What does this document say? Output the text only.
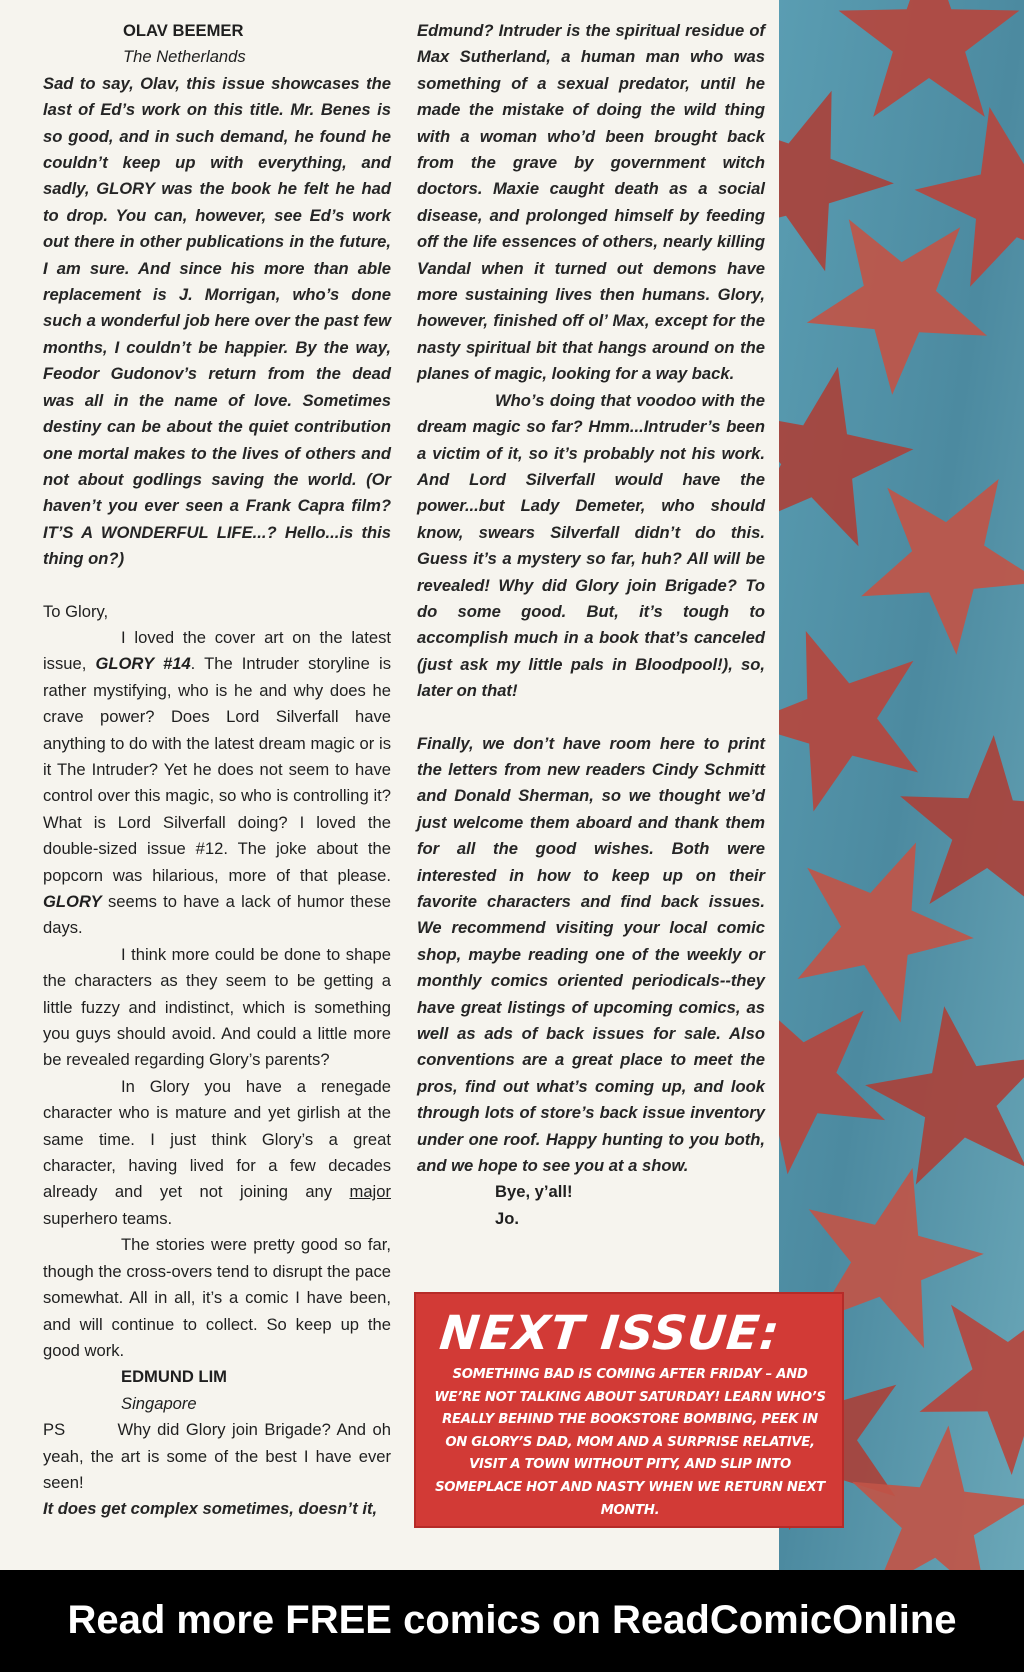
OLAV BEEMER

The Netherlands

Sad to say, Olav, this issue showcases the last of Ed’s work on this title. Mr. Benes is so good, and in such demand, he found he couldn’t keep up with everything, and sadly, GLORY was the book he felt he had to drop. You can, however, see Ed’s work out there in other publications in the future, I am sure. And since his more than able replacement is J. Morrigan, who’s done such a wonderful job here over the past few months, I couldn’t be happier. By the way, Feodor Gudonov’s return from the dead was all in the name of love. Sometimes destiny can be about the quiet contribution one mortal makes to the lives of others and not about godlings saving the world. (Or haven’t you ever seen a Frank Capra film? IT’S A WONDERFUL LIFE...? Hello...is this thing on?)

To Glory,

I loved the cover art on the latest issue, GLORY #14. The Intruder storyline is rather mystifying, who is he and why does he crave power? Does Lord Silverfall have anything to do with the latest dream magic or is it The Intruder? Yet he does not seem to have control over this magic, so who is controlling it? What is Lord Silverfall doing? I loved the double-sized issue #12. The joke about the popcorn was hilarious, more of that please. GLORY seems to have a lack of humor these days.

I think more could be done to shape the characters as they seem to be getting a little fuzzy and indistinct, which is something you guys should avoid. And could a little more be revealed regarding Glory’s parents?

In Glory you have a renegade character who is mature and yet girlish at the same time. I just think Glory’s a great character, having lived for a few decades already and yet not joining any major superhero teams.

The stories were pretty good so far, though the cross-overs tend to disrupt the pace somewhat. All in all, it’s a comic I have been, and will continue to collect. So keep up the good work.

EDMUND LIM

Singapore

PS        Why did Glory join Brigade? And oh yeah, the art is some of the best I have ever seen!

It does get complex sometimes, doesn’t it,

Edmund? Intruder is the spiritual residue of Max Sutherland, a human man who was something of a sexual predator, until he made the mistake of doing the wild thing with a woman who’d been brought back from the grave by government witch doctors. Maxie caught death as a social disease, and prolonged himself by feeding off the life essences of others, nearly killing Vandal when it turned out demons have more sustaining lives then humans. Glory, however, finished off ol’ Max, except for the nasty spiritual bit that hangs around on the planes of magic, looking for a way back.

Who’s doing that voodoo with the dream magic so far? Hmm...Intruder’s been a victim of it, so it’s probably not his work. And Lord Silverfall would have the power...but Lady Demeter, who should know, swears Silverfall didn’t do this. Guess it’s a mystery so far, huh? All will be revealed! Why did Glory join Brigade? To do some good. But, it’s tough to accomplish much in a book that’s canceled (just ask my little pals in Bloodpool!), so, later on that!

Finally, we don’t have room here to print the letters from new readers Cindy Schmitt and Donald Sherman, so we thought we’d just welcome them aboard and thank them for all the good wishes. Both were interested in how to keep up on their favorite characters and find back issues. We recommend visiting your local comic shop, maybe reading one of the weekly or monthly comics oriented periodicals--they have great listings of upcoming comics, as well as ads of back issues for sale. Also conventions are a great place to meet the pros, find out what’s coming up, and look through lots of store’s back issue inventory under one roof. Happy hunting to you both, and we hope to see you at a show.

Bye, y’all!

Jo.

NEXT ISSUE:
SOMETHING BAD IS COMING AFTER FRIDAY – AND WE’RE NOT TALKING ABOUT SATURDAY! LEARN WHO’S REALLY BEHIND THE BOOKSTORE BOMBING, PEEK IN ON GLORY’S DAD, MOM AND A SURPRISE RELATIVE, VISIT A TOWN WITHOUT PITY, AND SLIP INTO SOMEPLACE HOT AND NASTY WHEN WE RETURN NEXT MONTH.
Read more FREE comics on ReadComicOnline
